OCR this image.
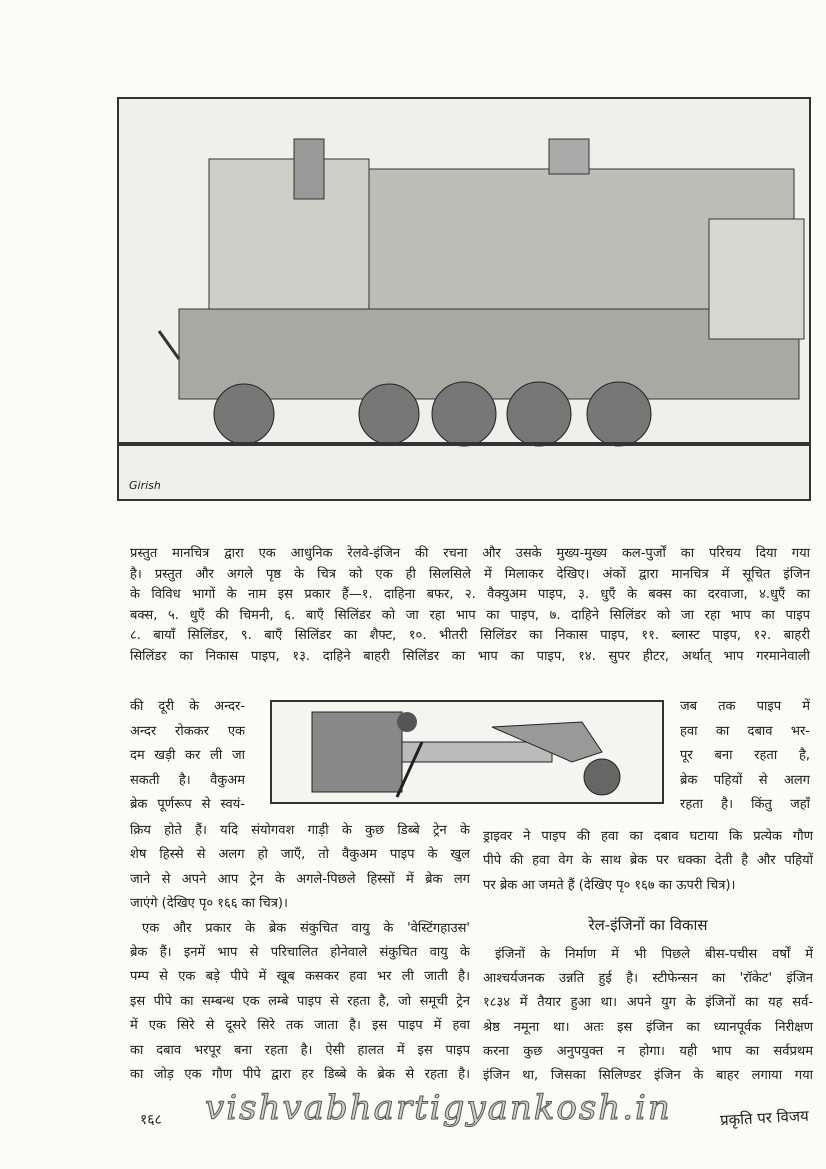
Girish
रेल-इंजिनों का विकास
vishvabhartigyankosh.in
१६८	प्रकृति पर विजय
प्रस्तुत मानचित्र द्वारा एक आधुनिक रेलवे-इंजिन की रचना और उसके मुख्य-मुख्य कल-पुर्जों का परिचय दिया गया
है। प्रस्तुत और अगले पृष्ठ के चित्र को एक ही सिलसिले में मिलाकर देखिए। अंकों द्वारा मानचित्र में सूचित इंजिन
के विविध भागों के नाम इस प्रकार हैं—१. दाहिना बफर, २. वैक्युअम पाइप, ३. धुएँ के बक्स का दरवाजा, ४.धुएँ का
बक्स, ५. धुएँ की चिमनी, ६. बाएँ सिलिंडर को जा रहा भाप का पाइप, ७. दाहिने सिलिंडर को जा रहा भाप का पाइप
८. बायाँ सिलिंडर, ९. बाएँ सिलिंडर का शैफ्ट, १०. भीतरी सिलिंडर का निकास पाइप, ११. ब्लास्ट पाइप, १२. बाहरी
सिलिंडर का निकास पाइप, १३. दाहिने बाहरी सिलिंडर का भाप का पाइप, १४. सुपर हीटर, अर्थात् भाप गरमानेवाली
की दूरी के अन्दर-
अन्दर रोककर एक
दम खड़ी कर ली जा
सकती है। वैकुअम
ब्रेक पूर्णरूप से स्वयं-
जब तक पाइप में
हवा का दबाव भर-
पूर बना रहता है,
ब्रेक पहियों से अलग
रहता है। किंतु जहाँ
क्रिय होते हैं। यदि संयोगवश गाड़ी के कुछ डिब्बे ट्रेन के
शेष हिस्से से अलग हो जाएँ, तो वैकुअम पाइप के खुल
जाने से अपने आप ट्रेन के अगले-पिछले हिस्सों में ब्रेक लग
जाएंगे (देखिए पृ० १६६ का चित्र)।
एक और प्रकार के ब्रेक संकुचित वायु के 'वेस्टिंगहाउस'
ब्रेक हैं। इनमें भाप से परिचालित होनेवाले संकुचित वायु के
पम्प से एक बड़े पीपे में खूब कसकर हवा भर ली जाती है।
इस पीपे का सम्बन्ध एक लम्बे पाइप से रहता है, जो समूची ट्रेन
में एक सिरे से दूसरे सिरे तक जाता है। इस पाइप में हवा
का दबाव भरपूर बना रहता है। ऐसी हालत में इस पाइप
का जोड़ एक गौण पीपे द्वारा हर डिब्बे के ब्रेक से रहता है।
ड्राइवर ने पाइप की हवा का दबाव घटाया कि प्रत्येक गौण
पीपे की हवा वेग के साथ ब्रेक पर धक्का देती है और पहियों
पर ब्रेक आ जमते हैं (देखिए पृ० १६७ का ऊपरी चित्र)।
इंजिनों के निर्माण में भी पिछले बीस-पचीस वर्षों में
आश्चर्यजनक उन्नति हुई है। स्टीफेन्सन का 'रॉकेट' इंजिन
१८३४ में तैयार हुआ था। अपने युग के इंजिनों का यह सर्व-
श्रेष्ठ नमूना था। अतः इस इंजिन का ध्यानपूर्वक निरीक्षण
करना कुछ अनुपयुक्त न होगा। यही भाप का सर्वप्रथम
इंजिन था, जिसका सिलिण्डर इंजिन के बाहर लगाया गया
